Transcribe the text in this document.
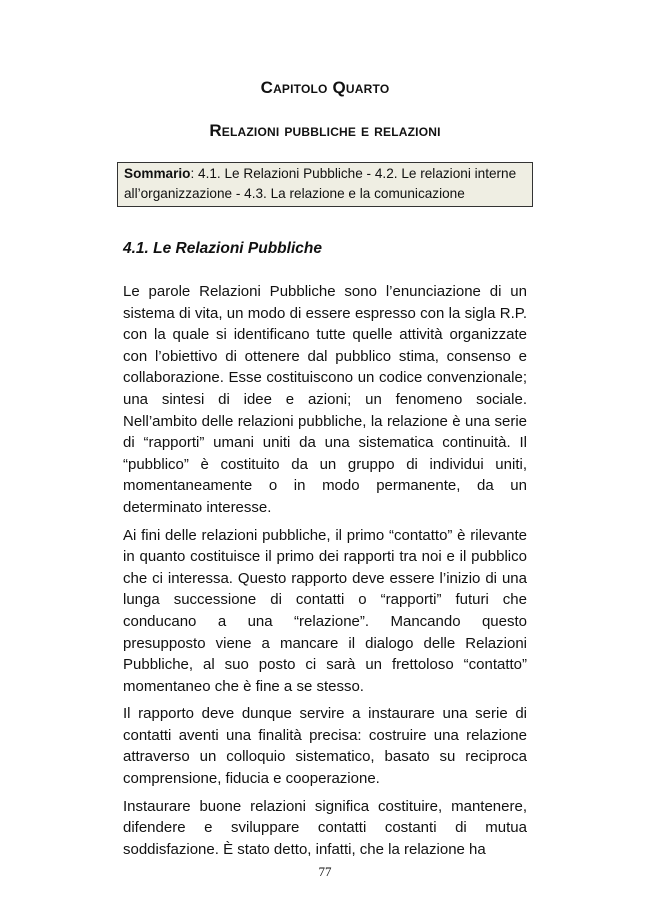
Capitolo Quarto
Relazioni pubbliche e relazioni
Sommario: 4.1. Le Relazioni Pubbliche - 4.2. Le relazioni interne all’organizzazione - 4.3. La relazione e la comunicazione
4.1. Le Relazioni Pubbliche

Le parole Relazioni Pubbliche sono l’enunciazione di un sistema di vita, un modo di essere espresso con la sigla R.P. con la quale si identificano tutte quelle attività organizzate con l’obiettivo di ottenere dal pubblico stima, consenso e collaborazione. Esse costituiscono un codice convenzionale; una sintesi di idee e azioni; un fenomeno sociale. Nell’ambito delle relazioni pubbliche, la relazione è una serie di “rapporti” umani uniti da una sistematica continuità. Il “pubblico” è costituito da un gruppo di individui uniti, momentaneamente o in modo permanente, da un determinato interesse.

Ai fini delle relazioni pubbliche, il primo “contatto” è rilevante in quanto costituisce il primo dei rapporti tra noi e il pubblico che ci interessa. Questo rapporto deve essere l’inizio di una lunga successione di contatti o “rapporti” futuri che conducano a una “relazione”. Mancando questo presupposto viene a mancare il dialogo delle Relazioni Pubbliche, al suo posto ci sarà un frettoloso “contatto” momentaneo che è fine a se stesso.

Il rapporto deve dunque servire a instaurare una serie di contatti aventi una finalità precisa: costruire una relazione attraverso un colloquio sistematico, basato su reciproca comprensione, fiducia e cooperazione.

Instaurare buone relazioni significa costituire, mantenere, difendere e sviluppare contatti costanti di mutua soddisfazione. È stato detto, infatti, che la relazione ha

77
